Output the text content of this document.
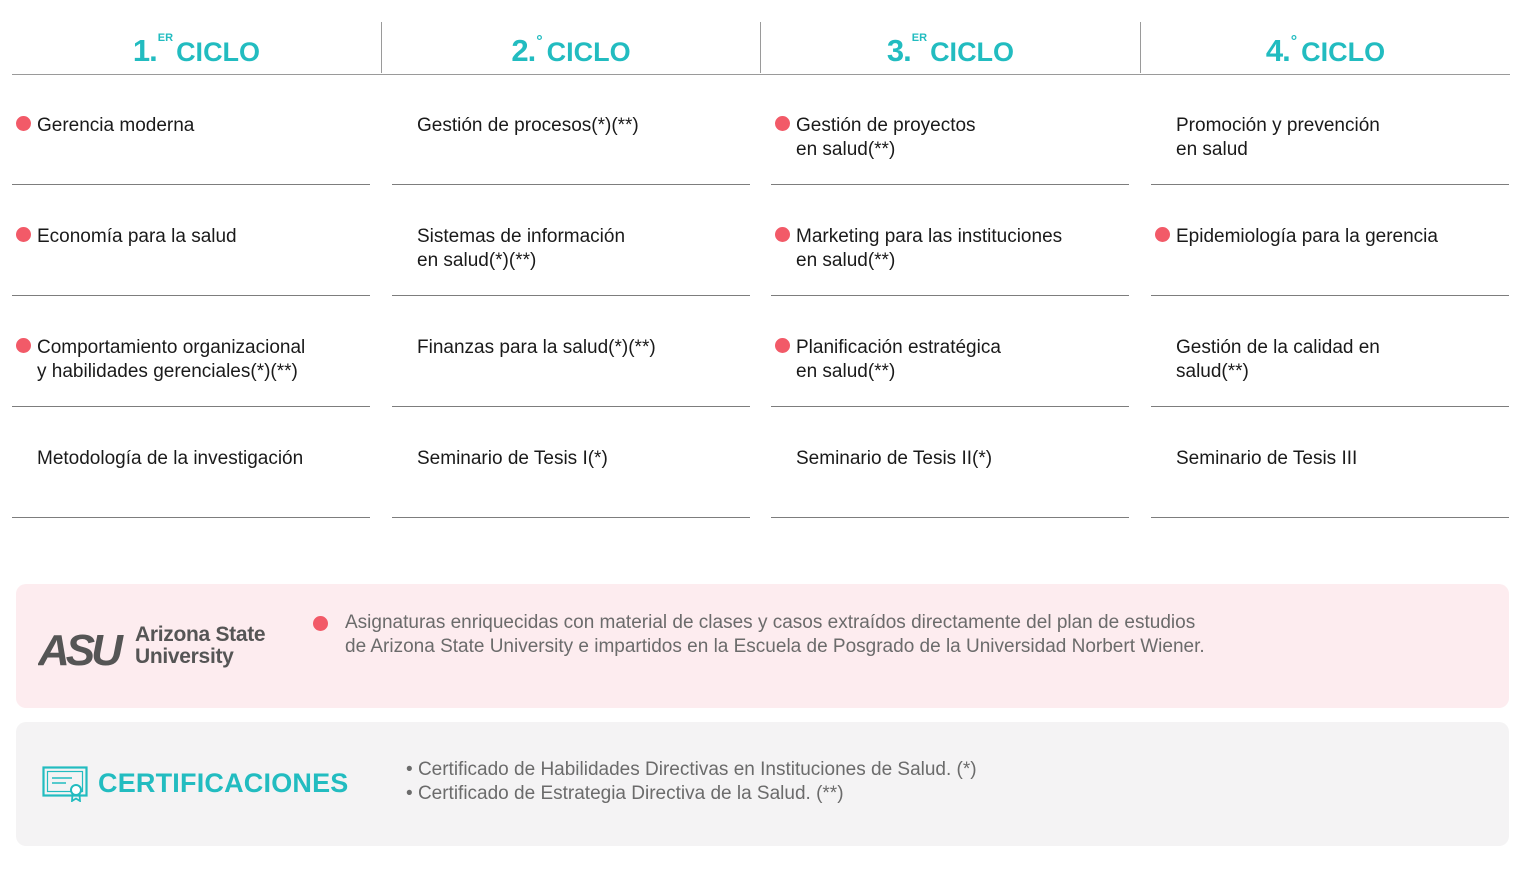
1.$^{ER}$ CICLO	2.° CICLO	3.$^{ER}$ CICLO	4.° CICLO
Gerencia moderna
Economía para la salud
Comportamiento organizacional
y habilidades gerenciales(*)(**)
Metodología de la investigación
Gestión de procesos(*)(**)
Sistemas de información
en salud(*)(**)
Finanzas para la salud(*)(**)
Seminario de Tesis I(*)
Gestión de proyectos
en salud(**)
Marketing para las instituciones
en salud(**)
Planificación estratégica
en salud(**)
Seminario de Tesis II(*)
Promoción y prevención
en salud
Epidemiología para la gerencia
Gestión de la calidad en
salud(**)
Seminario de Tesis III
ASU Arizona State
University
Asignaturas enriquecidas con material de clases y casos extraídos directamente del plan de estudios
de Arizona State University e impartidos en la Escuela de Posgrado de la Universidad Norbert Wiener.
CERTIFICACIONES
•	Certificado de Habilidades Directivas en Instituciones de Salud. (*)
• Certificado de Estrategia Directiva de la Salud. (**)
